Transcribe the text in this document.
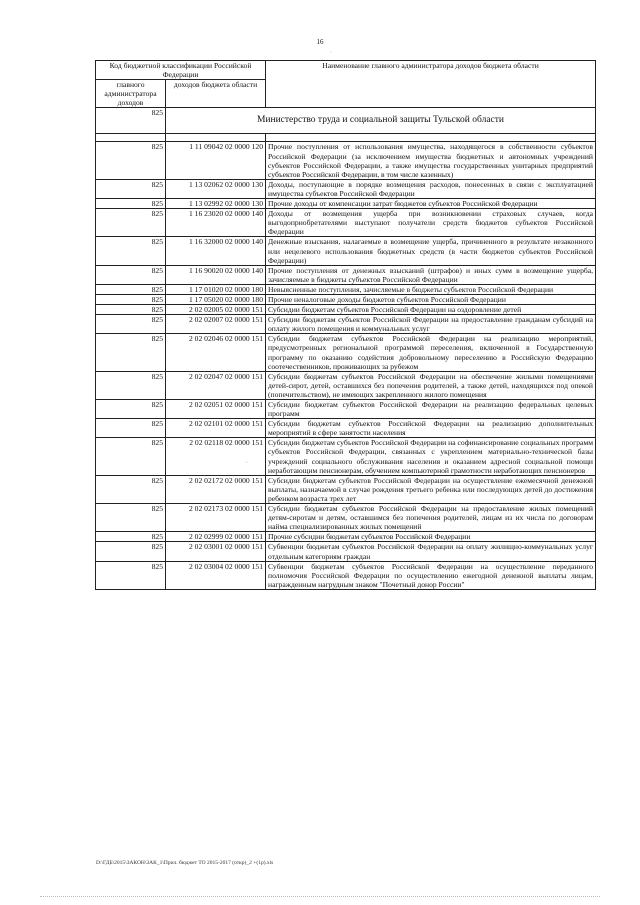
16
·
·
Код бюджетной классификации Российской Федерации		Наименование главного администратора доходов бюджета области
главного администратора доходов	доходов бюджета области	
825	Министерство труда и социальной защиты Тульской области	

825	1 11 09042 02 0000 120	Прочие поступления от использования имущества, находящегося в собственности субъектов Российской Федерации (за исключением имущества бюджетных и автономных учреждений субъектов Российской Федерации, а также имущества государственных унитарных предприятий субъектов Российской Федерации, в том числе казенных)
825	1 13 02062 02 0000 130	Доходы, поступающие в порядке возмещения расходов, понесенных в связи с эксплуатацией имущества субъектов Российской Федерации
825	1 13 02992 02 0000 130	Прочие доходы от компенсации затрат бюджетов субъектов Российской Федерации
825	1 16 23020 02 0000 140	Доходы от возмещения ущерба при возникновении страховых случаев, когда выгодоприобретателями выступают получатели средств бюджетов субъектов Российской Федерации
825	1 16 32000 02 0000 140	Денежные взыскания, налагаемые в возмещение ущерба, причиненного в результате незаконного или нецелевого использования бюджетных средств (в части бюджетов субъектов Российской Федерации)
825	1 16 90020 02 0000 140	Прочие поступления от денежных взысканий (штрафов) и иных сумм в возмещение ущерба, зачисляемые в бюджеты субъектов Российской Федерации
825	1 17 01020 02 0000 180	Невыясненные поступления, зачисляемые в бюджеты субъектов Российской Федерации
825	1 17 05020 02 0000 180	Прочие неналоговые доходы бюджетов субъектов Российской Федерации
825	2 02 02005 02 0000 151	Субсидии бюджетам субъектов Российской Федерации на оздоровление детей
825	2 02 02007 02 0000 151	Субсидии бюджетам субъектов Российской Федерации на предоставление гражданам субсидий на оплату жилого помещения и коммунальных услуг
825	2 02 02046 02 0000 151	Субсидии бюджетам субъектов Российской Федерации на реализацию мероприятий, предусмотренных региональной программой переселения, включенной в Государственную программу по оказанию содействия добровольному переселению в Российскую Федерацию соотечественников, проживающих за рубежом
825	2 02 02047 02 0000 151	Субсидии бюджетам субъектов Российской Федерации на обеспечение жилыми помещениями детей-сирот, детей, оставшихся без попечения родителей, а также детей, находящихся под опекой (попечительством), не имеющих закрепленного жилого помещения
825	2 02 02051 02 0000 151	Субсидии бюджетам субъектов Российской Федерации на реализацию федеральных целевых программ
825	2 02 02101 02 0000 151	Субсидии бюджетам субъектов Российской Федерации на реализацию дополнительных мероприятий в сфере занятости населения
825	2 02 02118 02 0000 151	Субсидии бюджетам субъектов Российской Федерации на софинансирование социальных программ субъектов Российской Федерации, связанных с укреплением материально-технической базы учреждений социального обслуживания населения и оказанием адресной социальной помощи неработающим пенсионерам, обучением компьютерной грамотности неработающих пенсионеров
825	2 02 02172 02 0000 151	Субсидии бюджетам субъектов Российской Федерации на осуществление ежемесячной денежной выплаты, назначаемой в случае рождения третьего ребенка или последующих детей до достижения ребенком возраста трех лет
825	2 02 02173 02 0000 151	Субсидии бюджетам субъектов Российской Федерации на предоставление жилых помещений детям-сиротам и детям, оставшимся без попечения родителей, лицам из их числа по договорам найма специализированных жилых помещений
825	2 02 02999 02 0000 151	Прочие субсидии бюджетам субъектов Российской Федерации
825	2 02 03001 02 0000 151	Субвенции бюджетам субъектов Российской Федерации на оплату жилищно-коммунальных услуг отдельным категориям граждан
825	2 02 03004 02 0000 151	Субвенции бюджетам субъектов Российской Федерации на осуществление переданного полномочия Российской Федерации по осуществлению ежегодной денежной выплаты лицам, награжденным нагрудным знаком "Почетный донор России"
D:\ГДБ\2015\ЗАКОН\ЗАК_1\Прил. бюджет ТО 2015-2017 (откр)_2 +(1р).xls
